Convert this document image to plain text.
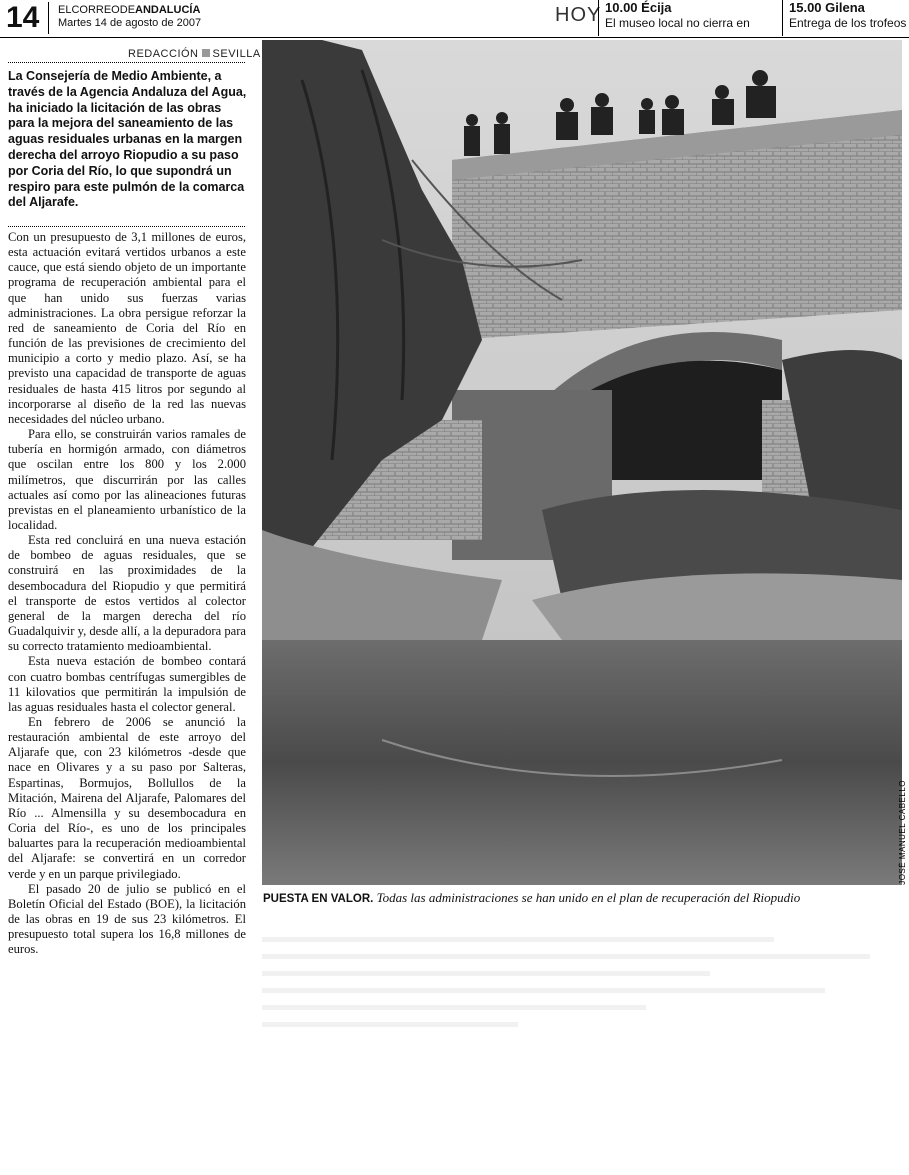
14 ELCORREODEANDALUCÍA
Martes 14 de agosto de 2007	HOY 10.00 Écija
El museo local no cierra en
15.00 Gilena
Entrega de los trofeos
REDACCIÓN SEVILLA
La Consejería de Medio Ambiente, a través de la Agencia Andaluza del Agua, ha iniciado la licitación de las obras para la mejora del saneamiento de las aguas residuales urbanas en la margen derecha del arroyo Riopudio a su paso por Coria del Río, lo que supondrá un respiro para este pulmón de la comarca del Aljarafe.

Con un presupuesto de 3,1 millones de euros, esta actuación evitará vertidos urbanos a este cauce, que está siendo objeto de un importante programa de recuperación ambiental para el que han unido sus fuerzas varias administraciones. La obra persigue reforzar la red de saneamiento de Coria del Río en función de las previsiones de crecimiento del municipio a corto y medio plazo. Así, se ha previsto una capacidad de transporte de aguas residuales de hasta 415 litros por segundo al incorporarse al diseño de la red las nuevas necesidades del núcleo urbano.

Para ello, se construirán varios ramales de tubería en hormigón armado, con diámetros que oscilan entre los 800 y los 2.000 milímetros, que discurrirán por las calles actuales así como por las alineaciones futuras previstas en el planeamiento urbanístico de la localidad.

Esta red concluirá en una nueva estación de bombeo de aguas residuales, que se construirá en las proximidades de la desembocadura del Riopudio y que permitirá el transporte de estos vertidos al colector general de la margen derecha del río Guadalquivir y, desde allí, a la depuradora para su correcto tratamiento medioambiental.

Esta nueva estación de bombeo contará con cuatro bombas centrífugas sumergibles de 11 kilovatios que permitirán la impulsión de las aguas residuales hasta el colector general.

En febrero de 2006 se anunció la restauración ambiental de este arroyo del Aljarafe que, con 23 kilómetros -desde que nace en Olivares y a su paso por Salteras, Espartinas, Bormujos, Bollullos de la Mitación, Mairena del Aljarafe, Palomares del Río ... Almensilla y su desembocadura en Coria del Río-, es uno de los principales baluartes para la recuperación medioambiental del Aljarafe: se convertirá en un corredor verde y en un parque privilegiado.

El pasado 20 de julio se publicó en el Boletín Oficial del Estado (BOE), la licitación de las obras en 19 de sus 23 kilómetros. El presupuesto total supera los 16,8 millones de euros.

JOSÉ MANUEL CABELLO
PUESTA EN VALOR. Todas las administraciones se han unido en el plan de recuperación del Riopudio
